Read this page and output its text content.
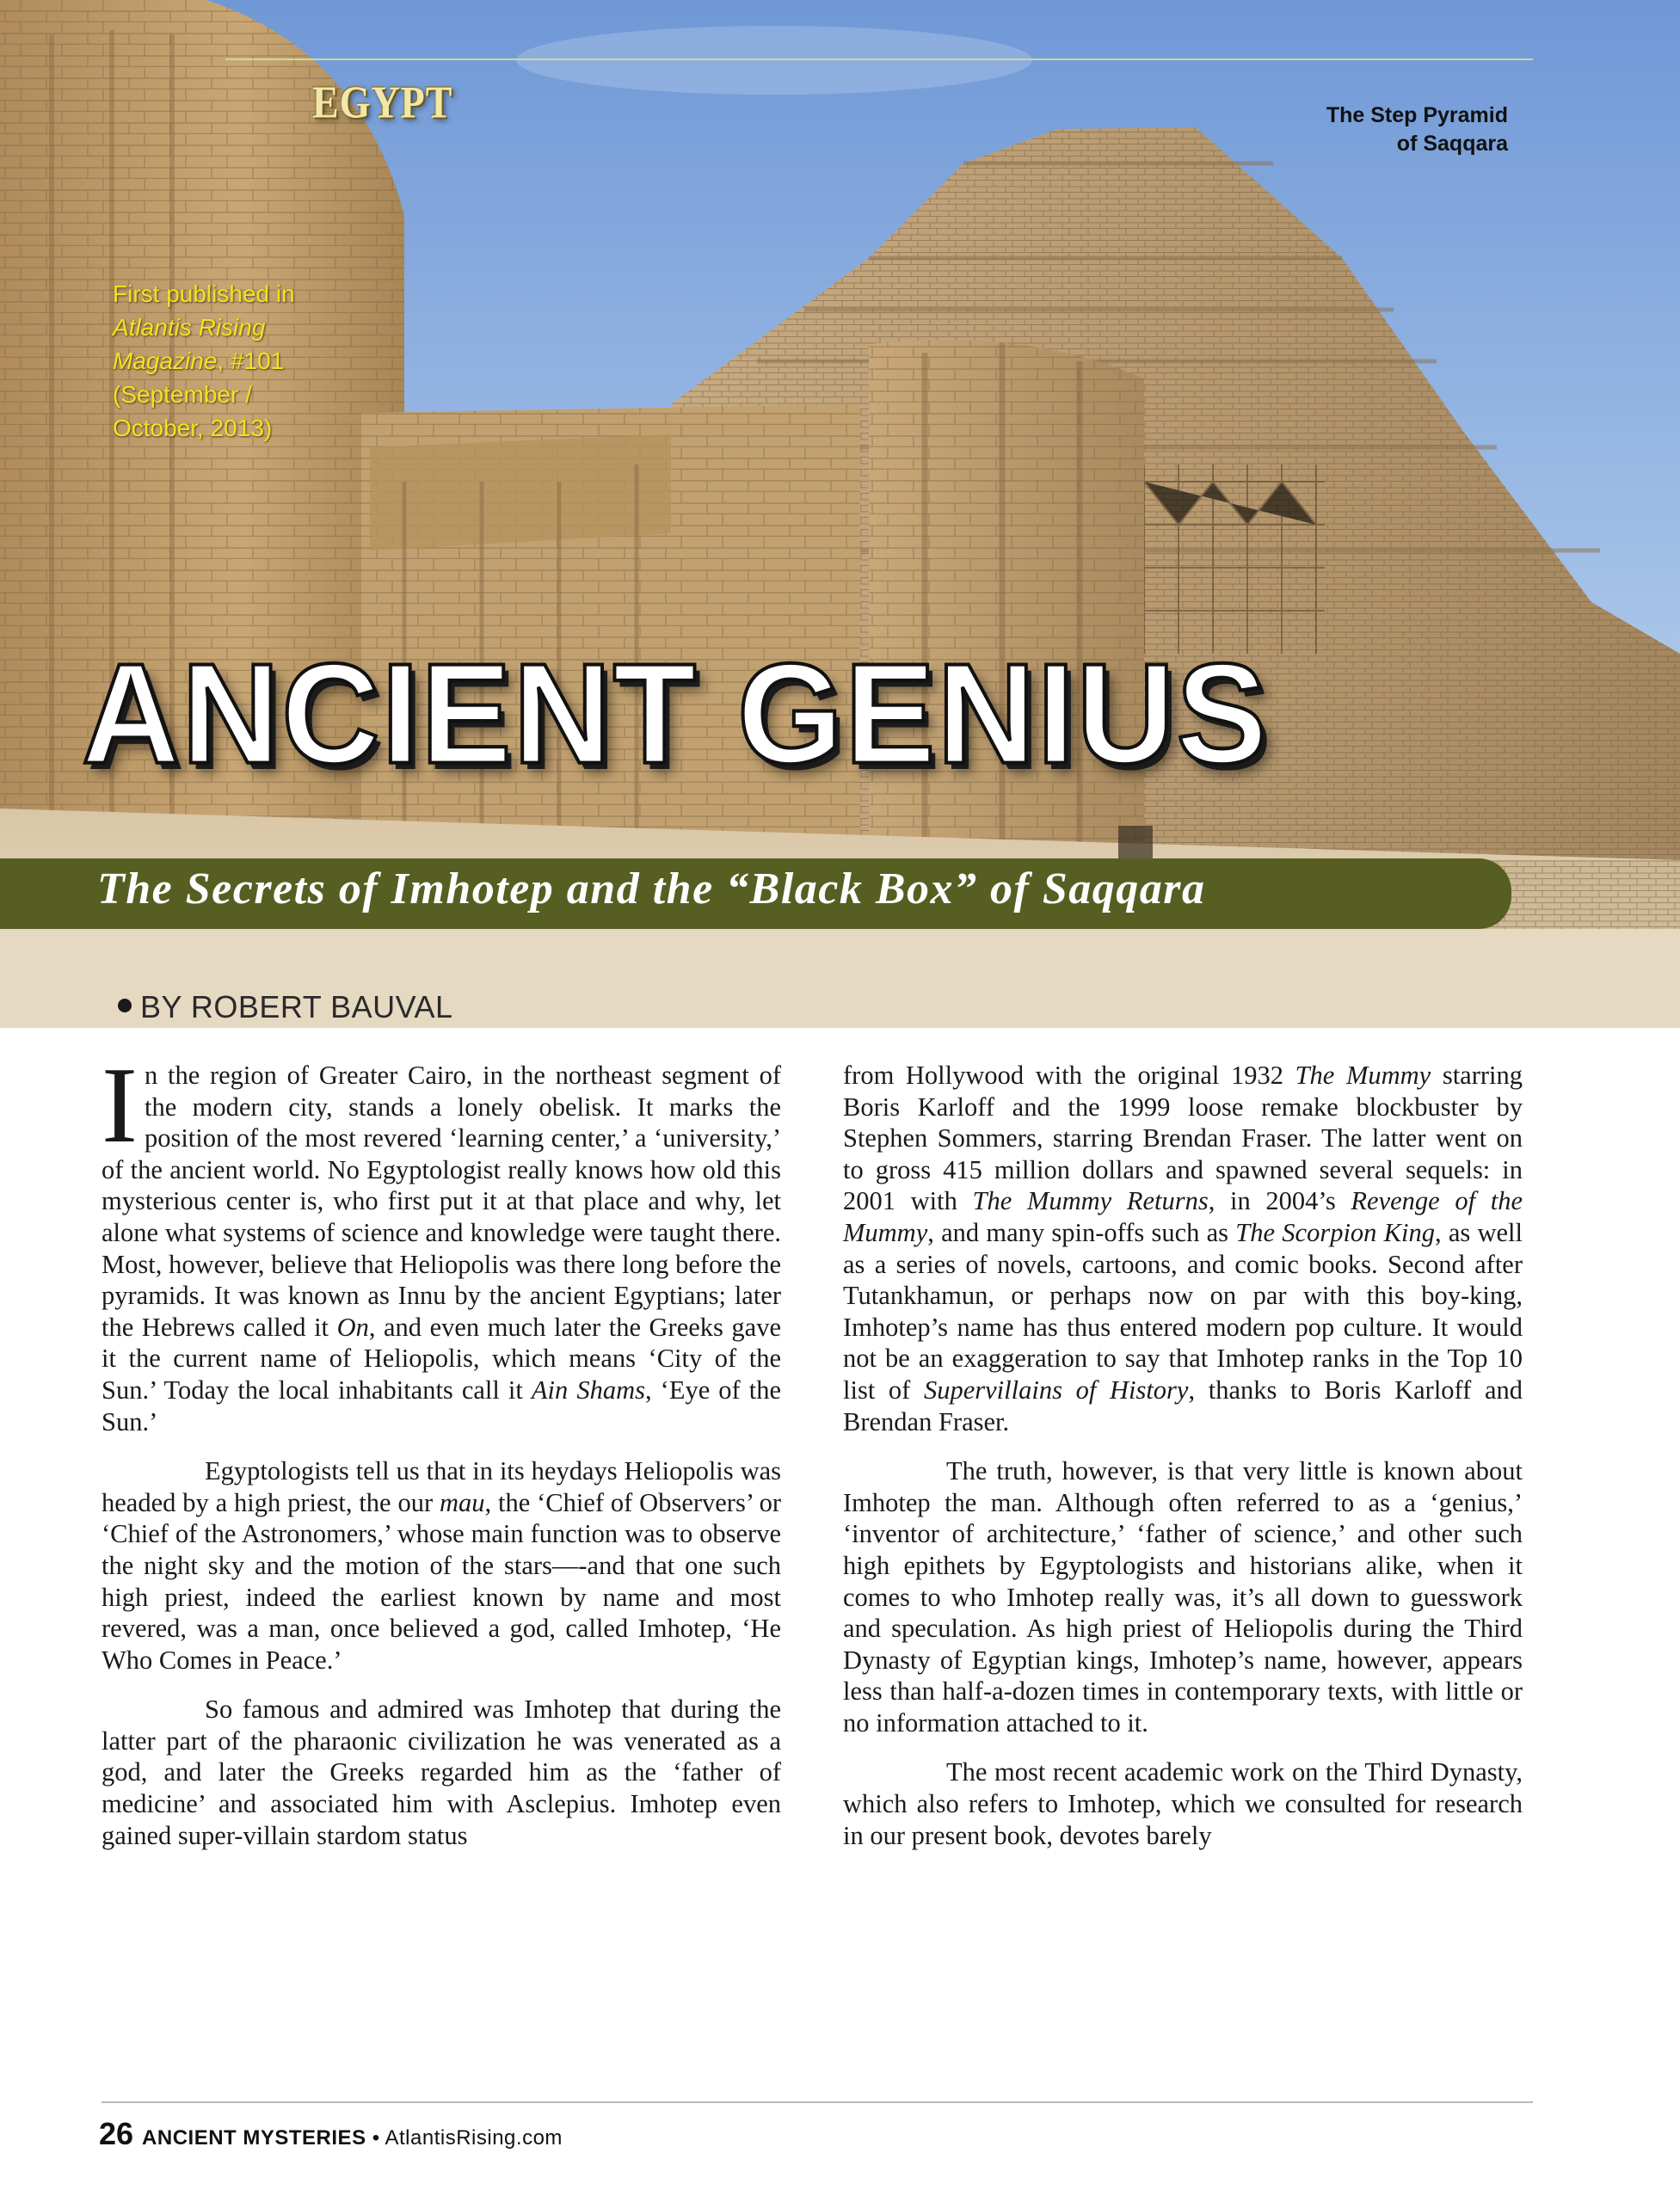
EGYPT	The Step Pyramid
of Saqqara
First published in
Atlantis Rising
Magazine, #101
(September /
October, 2013)
ANCIENT GENIUS
The Secrets of Imhotep and the “Black Box” of Saqqara
BY ROBERT BAUVAL

In the region of Greater Cairo, in the northeast segment of the modern city, stands a lonely obelisk. It marks the position of the most revered ‘learning center,’ a ‘university,’ of the ancient world. No Egyptologist really knows how old this mysterious center is, who first put it at that place and why, let alone what systems of science and knowledge were taught there. Most, however, believe that Heliopolis was there long before the pyramids. It was known as Innu by the ancient Egyptians; later the Hebrews called it On, and even much later the Greeks gave it the current name of Heliopolis, which means ‘City of the Sun.’ Today the local inhabitants call it Ain Shams, ‘Eye of the Sun.’

Egyptologists tell us that in its heydays Heliopolis was headed by a high priest, the our mau, the ‘Chief of Observers’ or ‘Chief of the Astronomers,’ whose main function was to observe the night sky and the motion of the stars—-and that one such high priest, indeed the earliest known by name and most revered, was a man, once believed a god, called Imhotep, ‘He Who Comes in Peace.’

So famous and admired was Imhotep that during the latter part of the pharaonic civilization he was venerated as a god, and later the Greeks regarded him as the ‘father of medicine’ and associated him with Asclepius. Imhotep even gained super-villain stardom status

from Hollywood with the original 1932 The Mummy starring Boris Karloff and the 1999 loose remake blockbuster by Stephen Sommers, starring Brendan Fraser. The latter went on to gross 415 million dollars and spawned several sequels: in 2001 with The Mummy Returns, in 2004’s Revenge of the Mummy, and many spin-offs such as The Scorpion King, as well as a series of novels, cartoons, and comic books. Second after Tutankhamun, or perhaps now on par with this boy-king, Imhotep’s name has thus entered modern pop culture. It would not be an exaggeration to say that Imhotep ranks in the Top 10 list of Supervillains of History, thanks to Boris Karloff and Brendan Fraser.

The truth, however, is that very little is known about Imhotep the man. Although often referred to as a ‘genius,’ ‘inventor of architecture,’ ‘father of science,’ and other such high epithets by Egyptologists and historians alike, when it comes to who Imhotep really was, it’s all down to guesswork and speculation. As high priest of Heliopolis during the Third Dynasty of Egyptian kings, Imhotep’s name, however, appears less than half-a-dozen times in contemporary texts, with little or no information attached to it.

The most recent academic work on the Third Dynasty, which also refers to Imhotep, which we consulted for research in our present book, devotes barely

26 ANCIENT MYSTERIES • AtlantisRising.com
